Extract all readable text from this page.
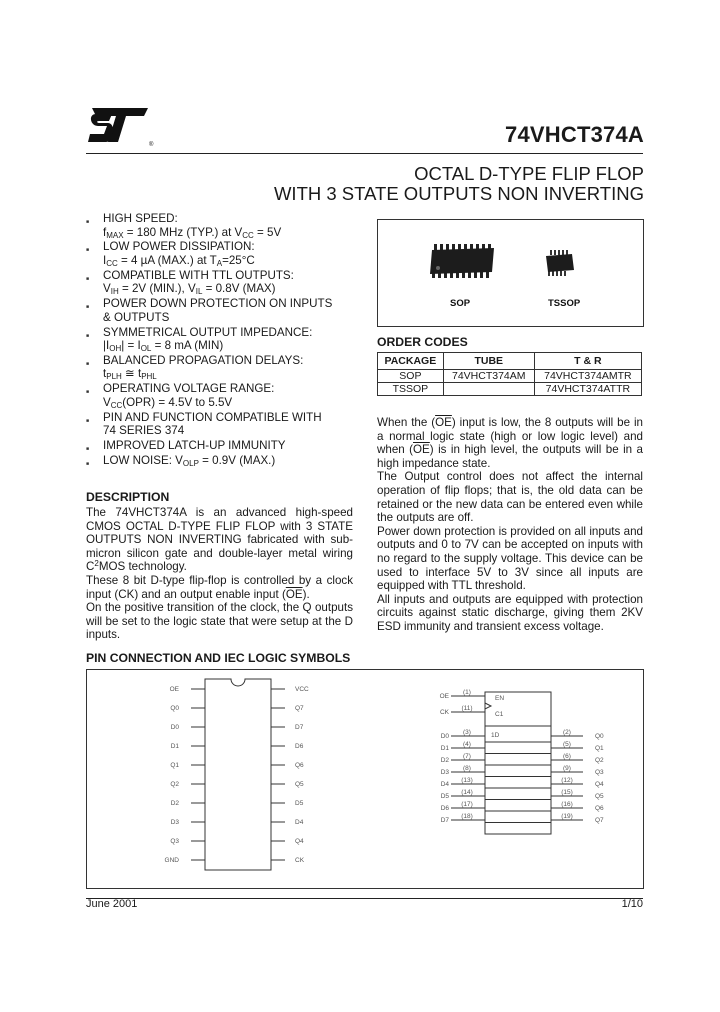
®	74VHCT374A
OCTAL D-TYPE FLIP FLOP
WITH 3 STATE OUTPUTS NON INVERTING
■ HIGH SPEED:
$f_{MAX} = 180$ MHz (TYP.) at $V_{CC} = 5V$
■ LOW POWER DISSIPATION:
$I_{CC} = 4$ µA (MAX.) at $T_A=25^\circ C$
■ COMPATIBLE WITH TTL OUTPUTS:
$V_{IH} = 2V$ (MIN.), $V_{IL} = 0.8V$ (MAX)
■ POWER DOWN PROTECTION ON INPUTS
& OUTPUTS
■ SYMMETRICAL OUTPUT IMPEDANCE:
$|I_{OH}| = I_{OL} = 8$ mA (MIN)
■ BALANCED PROPAGATION DELAYS:
$t_{PLH}$ ≅ $t_{PHL}$
■ OPERATING VOLTAGE RANGE:
$V_{CC}(OPR) = 4.5V$ to 5.5V
■ PIN AND FUNCTION COMPATIBLE WITH
74 SERIES 374
■ IMPROVED LATCH-UP IMMUNITY
■ LOW NOISE: $V_{OLP} = 0.9V$ (MAX.)
DESCRIPTION
The 74VHCT374A is an advanced high-speed CMOS OCTAL D-TYPE FLIP FLOP with 3 STATE OUTPUTS NON INVERTING fabricated with sub-micron silicon gate and double-layer metal wiring $C^2MOS$ technology.
These 8 bit D-type flip-flop is controlled by a clock input (CK) and an output enable input $(\overline{OE})$.
On the positive transition of the clock, the Q outputs will be set to the logic state that were setup at the D inputs.
SOP	TSSOP
ORDER CODES
PACKAGE	TUBE	T & R
SOP	74VHCT374AM	74VHCT374AMTR
TSSOP		74VHCT374ATTR
When the $(\overline{OE})$ input is low, the 8 outputs will be in a normal logic state (high or low logic level) and when $(\overline{OE})$ is in high level, the outputs will be in a high impedance state.
The Output control does not affect the internal operation of flip flops; that is, the old data can be retained or the new data can be entered even while the outputs are off.
Power down protection is provided on all inputs and outputs and 0 to 7V can be accepted on inputs with no regard to the supply voltage. This device can be used to interface 5V to 3V since all inputs are equipped with TTL threshold.
All inputs and outputs are equipped with protection circuits against static discharge, giving them 2KV ESD immunity and transient excess voltage.
PIN CONNECTION AND IEC LOGIC SYMBOLS
OE	VCC
Q0	Q7
D0	D7
D1	D6
Q1	Q6
Q2	Q5
D2	D5
D3	D4
Q3	Q4
GND	CK
EN
C1
1D
OE
(1)
CK
(11)
D0
(3)
D1
(4)
D2
(7)
D3
(8)
D4
(13)
D5
(14)
D6
(17)
D7
(18)
Q0
(2)
Q1
(5)
Q2
(6)
Q3
(9)
Q4
(12)
Q5
(15)
Q6
(16)
Q7
(19)
June 2001	1/10
